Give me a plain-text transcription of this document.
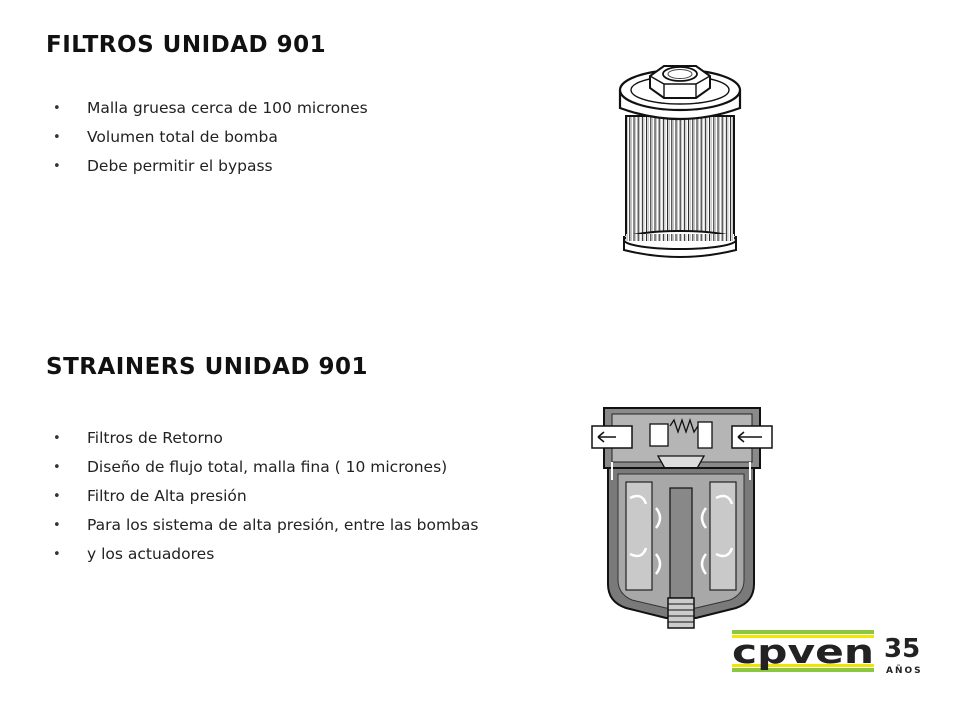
FILTROS UNIDAD 901
• Malla gruesa cerca de 100 micrones
• Volumen total de bomba
• Debe permitir el bypass
STRAINERS UNIDAD 901
• Filtros de Retorno
• Diseño de flujo total, malla fina ( 10 micrones)
• Filtro de Alta presión
• Para los sistema de alta presión, entre las bombas
• y los actuadores
cpven 35
AÑOS
